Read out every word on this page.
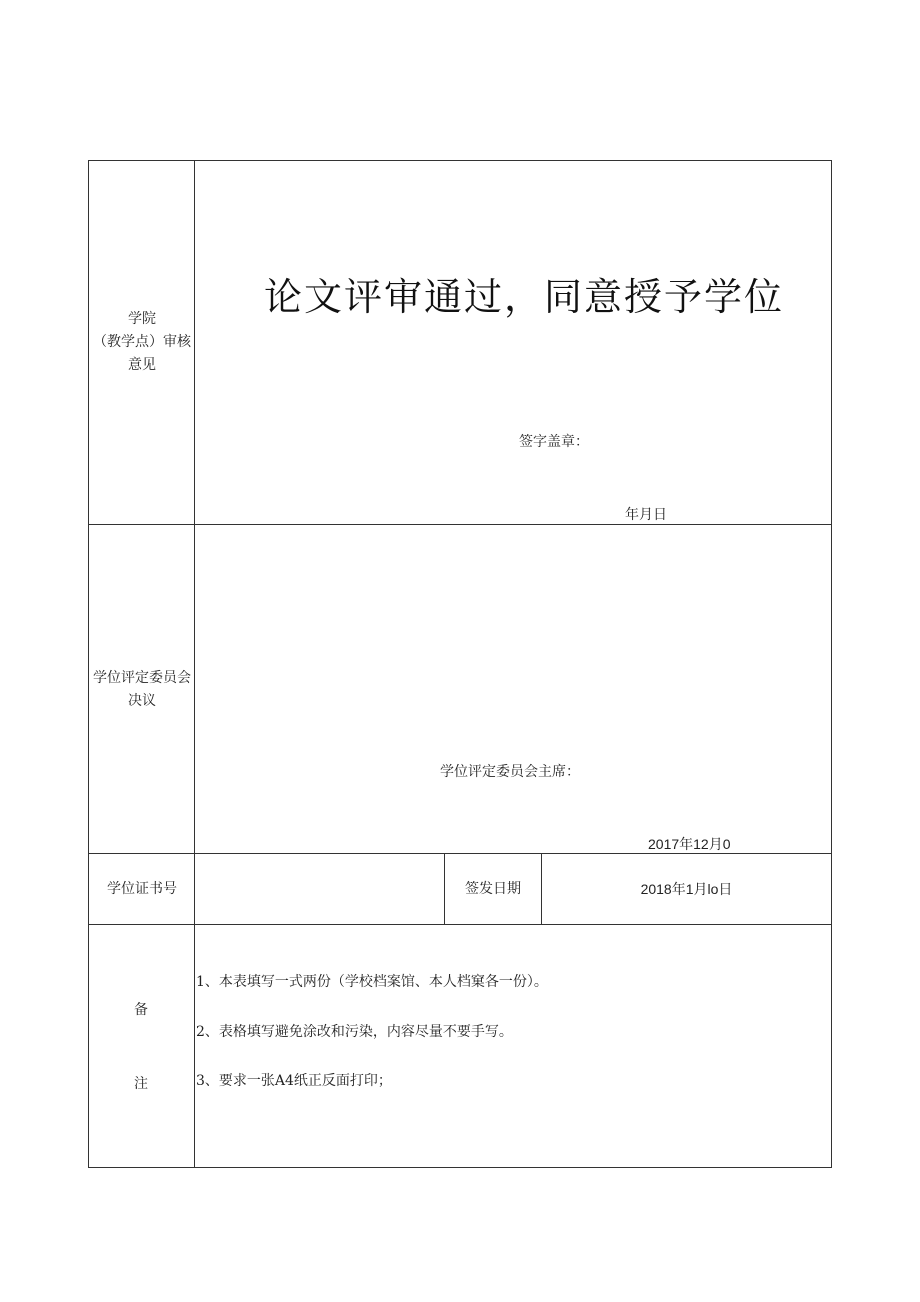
学院
（教学点）审核
意见
论文评审通过，同意授予学位
签字盖章：
年月日
学位评定委员会
决议
学位评定委员会主席：
2017年12月0
学位证书号	签发日期	2018年1月lo日
备
注
1、本表填写一式两份（学校档案馆、本人档窠各一份）。
2、表格填写避免涂改和污染，内容尽量不要手写。
3、要求一张A4纸正反面打印；
